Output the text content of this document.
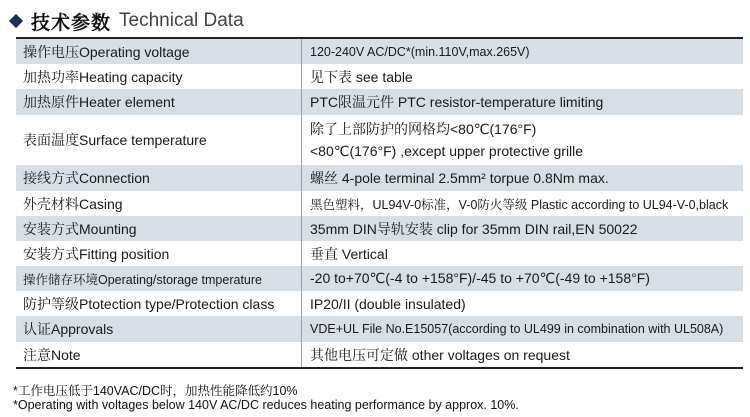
技术参数 Technical Data
操作电压Operating voltage	120-240V AC/DC*(min.110V,max.265V)
加热功率Heating capacity	见下表 see table
加热原件Heater element	PTC限温元件 PTC resistor-temperature limiting
表面温度Surface temperature	除了上部防护的网格均<80℃(176°F)
<80℃(176°F) ,except upper protective grille

接线方式Connection	螺丝 4-pole terminal 2.5mm² torpue 0.8Nm max.
外壳材料Casing	黑色塑料，UL94V-0标准，V-0防火等级 Plastic according to UL94-V-0,black
安装方式Mounting	35mm DIN导轨安装 clip for 35mm DIN rail,EN 50022
安装方式Fitting position	垂直 Vertical
操作储存环境Operating/storage tmperature	-20 to+70℃(-4 to +158°F)/-45 to +70℃(-49 to +158°F)
防护等级Ptotection type/Protection class	IP20/II (double insulated)
认证Approvals	VDE+UL File No.E15057(according to UL499 in combination with UL508A)
注意Note	其他电压可定做 other voltages on request
*工作电压低于140VAC/DC时，加热性能降低约10%
*Operating with voltages below 140V AC/DC reduces heating performance by approx. 10%.
